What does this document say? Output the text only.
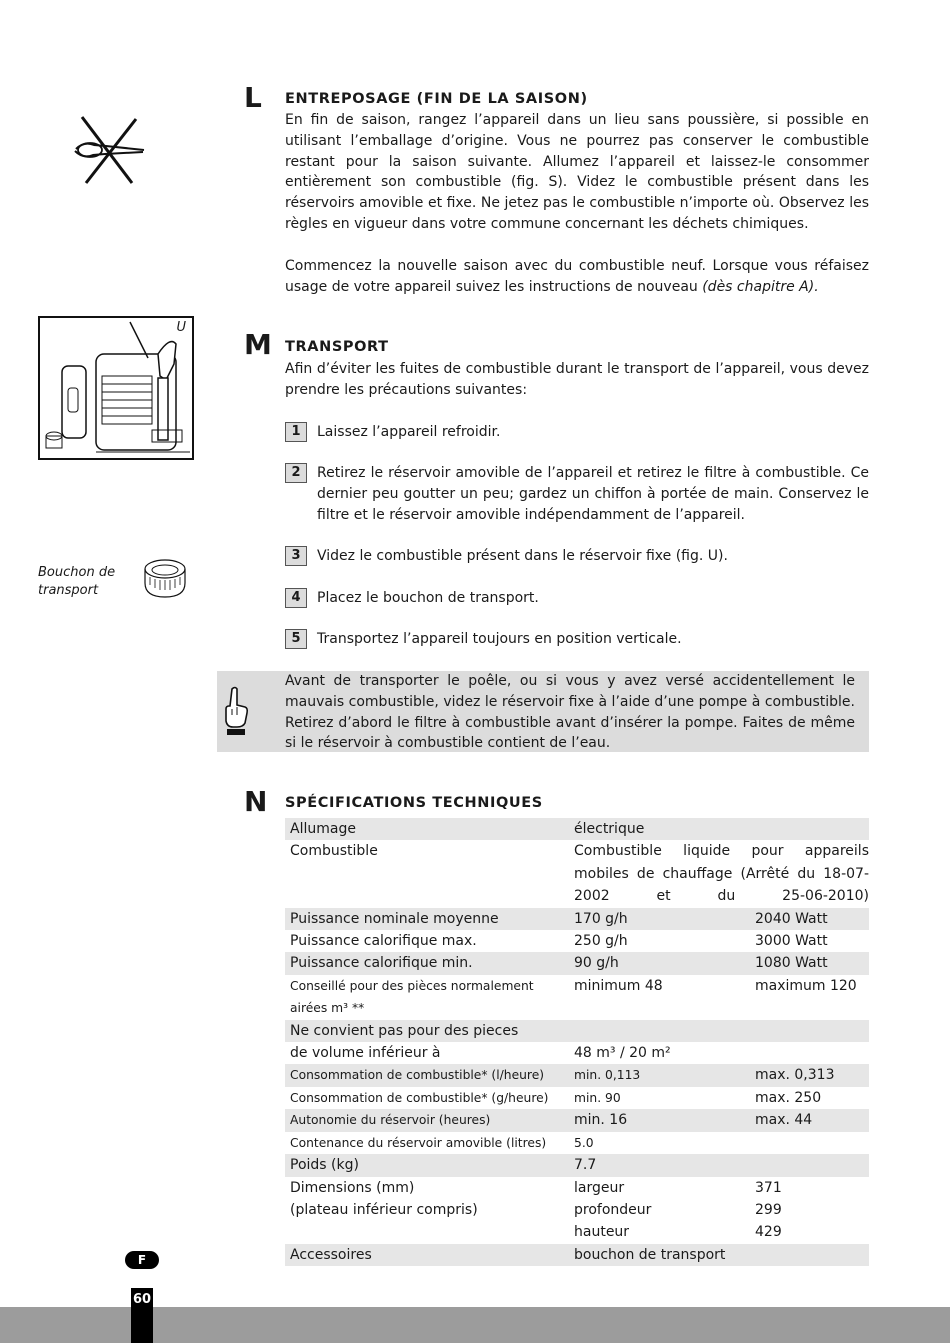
L ENTREPOSAGE (FIN DE LA SAISON)
En fin de saison, rangez l’appareil dans un lieu sans poussière, si possible en utilisant l’emballage d’origine. Vous ne pourrez pas conserver le combustible restant pour la saison suivante. Allumez l’appareil et laissez-le consommer entièrement son combustible (fig. S). Videz le combustible présent dans les réservoirs amovible et fixe. Ne jetez pas le combustible n’importe où. Observez les règles en vigueur dans votre commune concernant les déchets chimiques.
Commencez la nouvelle saison avec du combustible neuf. Lorsque vous réfaisez usage de votre appareil suivez les instructions de nouveau (dès chapitre A).
M TRANSPORT
Afin d’éviter les fuites de combustible durant le transport de l’appareil, vous devez prendre les précautions suivantes:
U
1	Laissez l’appareil refroidir.
2	Retirez le réservoir amovible de l’appareil et retirez le filtre à combustible. Ce dernier peu goutter un peu; gardez un chiffon à portée de main. Conservez le filtre et le réservoir amovible indépendamment de l’appareil.
3	Videz le combustible présent dans le réservoir fixe (fig. U).
4	Placez le bouchon de transport.
5	Transportez l’appareil toujours en position verticale.
Bouchon de transport
Avant de transporter le poêle, ou si vous y avez versé accidentellement le mauvais combustible, videz le réservoir fixe à l’aide d’une pompe à combustible. Retirez d’abord le filtre à combustible avant d’insérer la pompe. Faites de même si le réservoir à combustible contient de l’eau.
N SPÉCIFICATIONS TECHNIQUES
Allumage	électrique	
Combustible	Combustible liquide pour appareils mobiles de chauffage (Arrêté du 18-07-2002 et du 25-06-2010)	
Puissance nominale moyenne	170 g/h	2040 Watt
Puissance calorifique max.	250 g/h	3000 Watt
Puissance calorifique min.	90 g/h	1080 Watt
Conseillé pour des pièces normalement airées m³ **	minimum 48	maximum 120
Ne convient pas pour des pieces		
de volume inférieur à	48 m³ / 20 m²	
Consommation de combustible* (l/heure)	min. 0,113	max. 0,313
Consommation de combustible* (g/heure)	min. 90	max. 250
Autonomie du réservoir (heures)	min. 16	max. 44
Contenance du réservoir amovible (litres)	5.0	
Poids (kg)	7.7	
Dimensions (mm)	largeur	371
(plateau inférieur compris)	profondeur	299
	hauteur	429
Accessoires	bouchon de transport	
F
60
